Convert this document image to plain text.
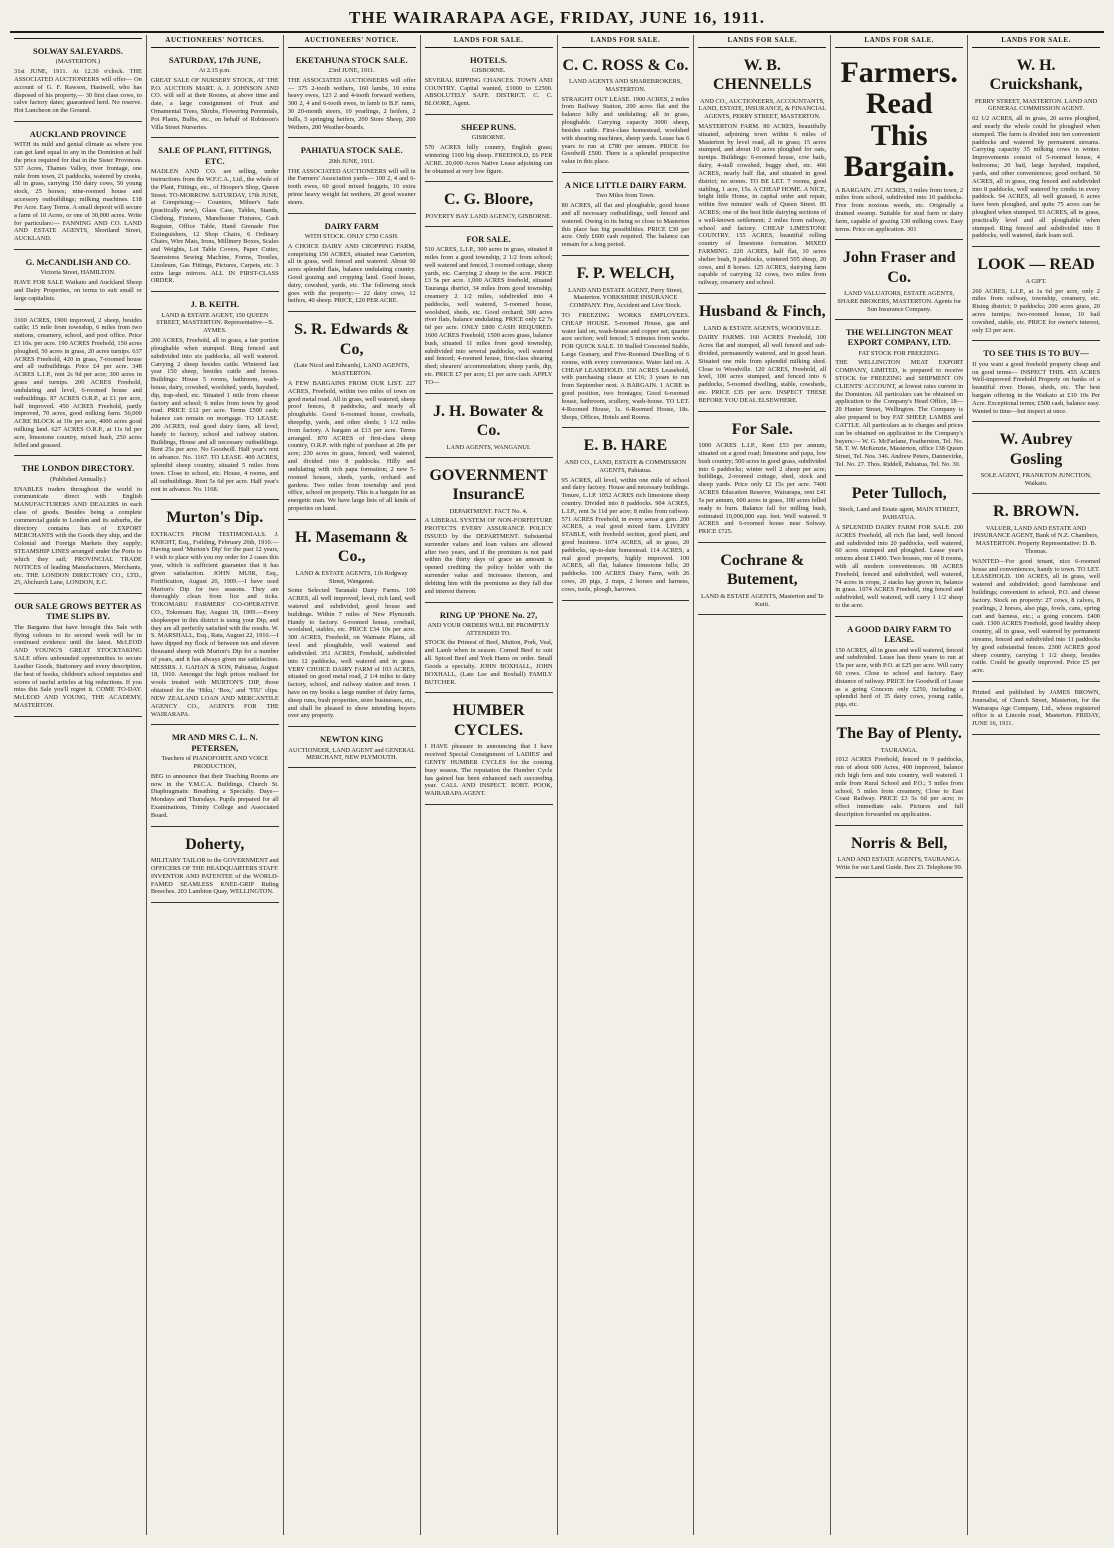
THE WAIRARAPA AGE, FRIDAY, JUNE 16, 1911.
SOLWAY SALEYARDS.
(MASTERTON.)
31st JUNE, 1911. At 12.30 o'clock. THE ASSOCIATED AUCTIONEERS will offer— On account of G. F. Rawson, Hastwell, who has disposed of his property,— 30 first class cows, to calve factory dates; guaranteed herd. No reserve. Hot Luncheon on the Ground.
AUCKLAND PROVINCE
WITH its mild and genial climate as where you can get land equal to any in the Dominion at half the price required for that in the Sister Provinces. 537 Acres, Thames Valley, river frontage, one mile from town, 21 paddocks, watered by creeks, all in grass, carrying 150 dairy cows, 50 young stock, 25 horses; nine-roomed house and accessory outbuildings; milking machines. £18 Per Acre. Easy Terms. A small deposit will secure a farm of 10 Acres, or one of 30,000 acres. Write for particulars:— FANNING AND CO. LAND AND ESTATE AGENTS, Shortland Street, AUCKLAND.
G. McCANDLISH AND CO.
Victoria Street, HAMILTON.
HAVE FOR SALE Waikato and Auckland Sheep and Dairy Properties, on terms to suit small or large capitalists.
3100 ACRES, 1900 improved, 2 sheep, besides cattle; 15 mile from township, 6 miles from two stations, creamery, school, and post office. Price £3 10s. per acre. 190 ACRES Freehold, 150 acres ploughed, 50 acres in grass, 20 acres turnips. 637 ACRES Freehold, 420 in grass, 7-roomed house and all outbuildings. Price £4 per acre. 348 ACRES L.I.P., rent 2s 9d per acre; 300 acres in grass and turnips. 200 ACRES Freehold, undulating and level, 6-roomed house and outbuildings. 87 ACRES O.R.P., at £1 per acre, half improved. 450 ACRES Freehold, partly improved, 70 acres, good milking farm. 56,000 ACRE BLOCK at 10s per acre, 4000 acres good milking land. 627 ACRES O.R.P., at 11s 6d per acre, limestone country, mixed bush, 250 acres felled and grassed.
THE LONDON DIRECTORY.
(Published Annually.)
ENABLES traders throughout the world to communicate direct with English MANUFACTURERS AND DEALERS in each class of goods. Besides being a complete commercial guide to London and its suburbs, the directory contains lists of EXPORT MERCHANTS with the Goods they ship, and the Colonial and Foreign Markets they supply; STEAMSHIP LINES arranged under the Ports to which they sail; PROVINCIAL TRADE NOTICES of leading Manufacturers, Merchants, etc. THE LONDON DIRECTORY CO., LTD., 25, Abchurch Lane, LONDON, E.C.
OUR SALE GROWS BETTER AS TIME SLIPS BY.
The Bargains that have brought this Sale with flying colours to its second week will be in continued evidence until the latest. McLEOD AND YOUNG'S GREAT STOCKTAKING SALE offers unbounded opportunities to secure Leather Goods, Stationery and every description, the best of books, children's school requisites and scores of useful articles at big reductions. If you miss this Sale you'll regret it. COME TO-DAY. McLEOD AND YOUNG, THE ACADEMY, MASTERTON.
AUCTIONEERS' NOTICES.
SATURDAY, 17th JUNE,
At 2.15 p.m.
GREAT SALE OF NURSERY STOCK, AT THE P.O. AUCTION MART. A. J. JOHNSON AND CO. will sell at their Rooms, at above time and date, a large consignment of Fruit and Ornamental Trees, Shrubs, Flowering Perennials, Pot Plants, Bulbs, etc., on behalf of Robinson's Villa Street Nurseries.
SALE OF PLANT, FITTINGS, ETC.
MADLEN AND CO. are selling, under instructions from the W.F.C.A., Ltd., the whole of the Plant, Fittings, etc., of Hooper's Shop, Queen Street. TO-MORROW. SATURDAY, 17th JUNE, at Comprising:— Counters, Milner's Safe (practically new), Glass Case, Tables, Stands, Clothing, Fixtures, Manchester Fixtures, Cash Register, Office Table, Hand Grenade Fire Extinguishers, 12 Shop Chairs, 6 Ordinary Chairs, Wire Mats, Irons, Millinery Boxes, Scales and Weights, Lot Table Covers, Paper Cutter, Seamstress Sewing Machine, Forms, Trestles, Linoleum, Gas Fittings, Pictures, Carpets, etc. 3 extra large mirrors. ALL IN FIRST-CLASS ORDER.
J. B. KEITH.
LAND & ESTATE AGENT, 150 QUEEN STREET, MASTERTON. Representative—S. AYMES.
200 ACRES, Freehold, all in grass, a fair portion ploughable when stumped. Ring fenced and subdivided into six paddocks, all well watered. Carrying 2 sheep besides cattle. Wintered last year 150 sheep, besides cattle and horses. Buildings: House 5 rooms, bathroom, wash-house, dairy, cowshed, woolshed, yards, hayshed, dip, trap-shed, etc. Situated 1 mile from cheese factory and school; 6 miles from town by good road. PRICE £12 per acre. Terms £500 cash; balance can remain on mortgage. TO LEASE. 200 ACRES, real good dairy farm, all level, handy to factory, school and railway station. Buildings, House and all necessary outbuildings. Rent 25s per acre. No Goodwill. Half year's rent in advance. No. 1167. TO LEASE. 400 ACRES, splendid sheep country, situated 5 miles from town. Close to school, etc. House, 4 rooms, and all outbuildings. Rent 5s 6d per acre. Half year's rent in advance. No. 1168.
Murton's Dip.
EXTRACTS FROM TESTIMONIALS. J. KNIGHT, Esq., Foilding, February 26th, 1910.—Having used 'Murton's Dip' for the past 12 years, I wish to place with you my order for 2 cases this year, which is sufficient guarantee that it has given satisfaction. JOHN MUIR, Esq., Fortification, August 20, 1909.—I have used Murton's Dip for two seasons. They are thoroughly clean from lice and ticks. TOKOMARU FARMERS' CO-OPERATIVE CO., Tokomaru Bay, August 18, 1909.—Every shopkeeper in this district is using your Dip, and they are all perfectly satisfied with the results. W. S. MARSHALL, Esq., Rata, August 22, 1910.—I have dipped my flock of between ten and eleven thousand sheep with Murton's Dip for a number of years, and it has always given me satisfaction. MESSRS. J. GAHAN & SON, Pahiatua, August 18, 1910. Amongst the high prices realised for wools treated with MURTON'S DIP, those obtained for the 'Hiku,' 'Box,' and 'TIU' clips. NEW ZEALAND LOAN AND MERCANTILE AGENCY CO., AGENTS FOR THE WAIRARAPA.
MR AND MRS C. L. N. PETERSEN,
Teachers of PIANOFORTE AND VOICE PRODUCTION,
BEG to announce that their Teaching Rooms are now in the Y.M.C.A. Buildings, Church St. Diaphragmatic Breathing a Specialty. Days—Mondays and Thursdays. Pupils prepared for all Examinations, Trinity College and Associated Board.
Doherty,
MILITARY TAILOR to the GOVERNMENT and OFFICERS OF THE HEADQUARTERS STAFF. INVENTOR AND PATENTEE of the WORLD-FAMED SEAMLESS KNEE-GRIP Riding Breeches. 203 Lambton Quay, WELLINGTON.
AUCTIONEERS' NOTICE.
EKETAHUNA STOCK SALE.
23rd JUNE, 1911.
THE ASSOCIATED AUCTIONEERS will offer— 375 2-tooth wethers, 160 lambs, 10 extra heavy ewes, 123 2 and 4-tooth forward wethers, 300 2, 4 and 6-tooth ewes, in lamb to B.F. rams, 30 20-month steers, 10 yearlings, 2 heifers, 2 bulls, 5 springing heifers, 200 Store Sheep, 200 Wethers, 200 Weather-boards.
PAHIATUA STOCK SALE.
20th JUNE, 1911.
THE ASSOCIATED AUCTIONEERS will sell in the Farmers' Association yards— 100 2, 4 and 6-tooth ewes, 60 good mixed hoggets, 10 extra prime heavy weight fat wethers, 20 good weaner steers.
DAIRY FARM
WITH STOCK. ONLY £750 CASH.
A CHOICE DAIRY AND CROPPING FARM, comprising 150 ACRES, situated near Carterton, all in grass, well fenced and watered. About 60 acres splendid flats, balance undulating country. Good grazing and cropping land. Good house, dairy, cowshed, yards, etc. The following stock goes with the property:— 22 dairy cows, 12 heifers, 40 sheep. PRICE, £20 PER ACRE.
S. R. Edwards & Co,
(Late Nicol and Edwards), LAND AGENTS, MASTERTON.
A FEW BARGAINS FROM OUR LIST. 227 ACRES, Freehold, within two miles of town on good metal road. All in grass, well watered, sheep proof fences, 8 paddocks, and nearly all ploughable. Good 6-roomed house, cowbails, sheepdip, yards, and other sheds; 1 1/2 miles from factory. A bargain at £13 per acre. Terms arranged. 870 ACRES of first-class sheep country, O.R.P. with right of purchase at 28s per acre; 230 acres in grass, fenced, well watered, and divided into 8 paddocks. Hilly and undulating with rich papa formation; 2 new 5-roomed houses, sheds, yards, orchard and gardens. Two miles from township and post office, school on property. This is a bargain for an energetic man. We have large lists of all kinds of properties on hand.
H. Masemann & Co.,
LAND & ESTATE AGENTS, 11b Ridgway Street, Wanganui.
Some Selected Taranaki Dairy Farms. 100 ACRES, all well improved, level, rich land, well watered and subdivided, good house and buildings. Within 7 miles of New Plymouth. Handy to factory. 6-roomed house, cowbail, woolshed, stables, etc. PRICE £34 10s per acre. 300 ACRES, Freehold, on Waimate Plains, all level and ploughable, well watered and subdivided. 351 ACRES, Freehold, subdivided into 12 paddocks, well watered and in grass. VERY CHOICE DAIRY FARM of 103 ACRES, situated on good metal road, 2 1/4 miles to dairy factory, school, and railway station and town. I have on my books a large number of dairy farms, sheep runs, bush properties, store businesses, etc., and shall be pleased to show intending buyers over any property.
NEWTON KING
AUCTIONEER, LAND AGENT and GENERAL MERCHANT, NEW PLYMOUTH.
LANDS FOR SALE.
HOTELS.
GISBORNE.
SEVERAL RIPPING CHANCES. TOWN AND COUNTRY. Capital wanted, £1000 to £2500. ABSOLUTELY SAFE DISTRICT. C. C. BLOORE, Agent.
SHEEP RUNS.
GISBORNE.
570 ACRES hilly country, English grass; wintering 1100 big sheep. FREEHOLD, £6 PER ACRE. 20,000 Acres Native Lease adjoining can be obtained at very low figure.
C. G. Bloore,
POVERTY BAY LAND AGENCY, GISBORNE.
FOR SALE.
510 ACRES, L.I.P., 300 acres in grass, situated 8 miles from a good township, 2 1/2 from school; well watered and fenced, 3 roomed cottage, sheep yards, etc. Carrying 2 sheep to the acre. PRICE £3 5s per acre. 1,000 ACRES freehold, situated Tauranga district, 34 miles from good township, creamery 2 1/2 miles, subdivided into 4 paddocks, well watered, 5-roomed house, woolshed, sheds, etc. Good orchard; 300 acres river flats, balance undulating. PRICE only £2 7s 6d per acre. ONLY £800 CASH REQUIRED. 1600 ACRES Freehold, 1500 acres grass, balance bush, situated 11 miles from good township, subdivided into several paddocks, well watered and fenced; 4-roomed house, first-class shearing shed; shearers' accommodation; sheep yards, dip, etc. PRICE £7 per acre; £1 per acre cash. APPLY TO—
J. H. Bowater & Co.
LAND AGENTS, WANGANUI.
GOVERNMENT InsurancE
DEPARTMENT. FACT No. 4.
A LIBERAL SYSTEM OF NON-FORFEITURE PROTECTS EVERY ASSURANCE POLICY ISSUED by the DEPARTMENT. Substantial surrender values and loan values are allowed after two years, and if the premium is not paid within the thirty days of grace an amount is opened crediting the policy holder with the surrender value and increases thereon, and debiting him with the premiums as they fall due and interest thereon.
RING UP 'PHONE No. 27,
AND YOUR ORDERS WILL BE PROMPTLY ATTENDED TO.
STOCK the Primest of Beef, Mutton, Pork, Veal, and Lamb when in season. Corned Beef to suit all. Spiced Beef and York Hams on order. Small Goods a specialty. JOHN BOXHALL, JOHN BOXHALL, (Late Lee and Boxhall) FAMILY BUTCHER.
HUMBER CYCLES.
I HAVE pleasure in announcing that I have received Special Consignment of LADIES' and GENTS' HUMBER CYCLES for the coming busy season. The reputation the Humber Cycle has gained has been enhanced each succeeding year. CALL AND INSPECT. ROBT. POOK, WAIRARAPA AGENT.
LANDS FOR SALE.
C. C. ROSS & Co.
LAND AGENTS AND SHAREBROKERS, MASTERTON.
STRAIGHT OUT LEASE. 1900 ACRES, 2 miles from Railway Station, 200 acres flat and the balance hilly and undulating; all in grass, ploughable. Carrying capacity 3000 sheep, besides cattle. First-class homestead, woolshed with shearing machines, sheep yards. Lease has 6 years to run at £780 per annum. PRICE for Goodwill £500. There is a splendid prospective value in this place.
A NICE LITTLE DAIRY FARM.
Two Miles from Town.
80 ACRES, all flat and ploughable, good house and all necessary outbuildings, well fenced and watered. Owing to its being so close to Masterton this place has big possibilities. PRICE £30 per acre. Only £600 cash required. The balance can remain for a long period.
F. P. WELCH,
LAND AND ESTATE AGENT, Perry Street, Masterton. YORKSHIRE INSURANCE COMPANY. Fire, Accident and Live Stock.
TO FREEZING WORKS EMPLOYEES. CHEAP HOUSE. 5-roomed House, gas and water laid on, wash-house and copper set; quarter acre section; well fenced; 5 minutes from works. FOR QUICK SALE. 10 Stalled Concreted Stable, Large Granary, and Five-Roomed Dwelling of 6 rooms, with every convenience. Water laid on. A CHEAP LEASEHOLD. 150 ACRES Leasehold, with purchasing clause at £16; 3 years to run from September next. A BARGAIN. 1 ACRE in good position, two frontages; Good 6-roomed house, bathroom, scullery, wash-house. TO LET. 4-Roomed House, 1s. 6-Roomed House, 18s. Shops, Offices, Hotels and Rooms.
E. B. HARE
AND CO., LAND, ESTATE & COMMISSION AGENTS, Pahiatua.
95 ACRES, all level, within one mile of school and dairy factory. House and necessary buildings. Tenure, L.I.P. 1052 ACRES rich limestone sheep country. Divided into 8 paddocks. 904 ACRES, L.I.P., rent 3s 11d per acre; 8 miles from railway. 571 ACRES Freehold, in every sense a gem. 200 ACRES, a real good mixed farm. LIVERY STABLE, with freehold section, good plant, and good business. 1074 ACRES, all in grass, 20 paddocks, up-to-date homestead. 114 ACRES, a real good property, highly improved. 100 ACRES, all flat, balance limestone hills; 20 paddocks. 100 ACRES Dairy Farm, with 26 cows, 20 pigs, 2 traps, 2 horses and harness, cows, tools, plough, harrows.
LANDS FOR SALE.
W. B. CHENNELLS
AND CO., AUCTIONEERS, ACCOUNTANTS, LAND, ESTATE, INSURANCE, & FINANCIAL AGENTS, PERRY STREET, MASTERTON.
MASTERTON FARM. 80 ACRES, beautifully situated, adjoining town within 6 miles of Masterton by level road, all in grass; 15 acres stumped, and about 10 acres ploughed for oats, turnips. Buildings: 6-roomed house, cow bails, dairy, 4-stall cowshed, buggy shed, etc. 466 ACRES, nearly half flat, and situated in good district; no stones. TO BE LET. 7 rooms, good stabling, 1 acre, 15s. A CHEAP HOME. A NICE, bright little Home, in capital order and repair, within five minutes' walk of Queen Street. 85 ACRES; one of the best little dairying sections of a well-known settlement; 2 miles from railway, school and factory. CHEAP LIMESTONE COUNTRY. 155 ACRES, beautiful rolling country of limestone formation. MIXED FARMING. 220 ACRES, half flat, 10 acres shelter bush, 9 paddocks, wintered 505 sheep, 20 cows, and 8 horses. 125 ACRES, dairying farm capable of carrying 32 cows, two miles from railway, creamery and school.
Husband & Finch,
LAND & ESTATE AGENTS, WOODVILLE.
DAIRY FARMS. 160 ACRES Freehold, 100 Acres flat and stumped, all well fenced and sub-divided, permanently watered, and in good heart. Situated one mile from splendid milking shed. Close to Woodville. 120 ACRES, Freehold, all level, 100 acres stumped, and fenced into 6 paddocks, 5-roomed dwelling, stable, cowsheds, etc. PRICE £35 per acre. INSPECT THESE BEFORE YOU DEAL ELSEWHERE.
For Sale.
1000 ACRES L.I.P., Rent £53 per annum, situated on a good road; limestone and papa, low bush country; 500 acres in good grass, subdivided into 6 paddocks; winter well 2 sheep per acre; buildings, 2-roomed cottage, shed, stock and sheep yards. Price only £2 15s per acre. 7400 ACRES Education Reserve, Wairarapa, rent £41 5s per annum, 600 acres in grass, 100 acres felled ready to burn. Balance fall for milling bush, estimated 10,000,000 sup. feet. Well watered. 9 ACRES and 6-roomed house near Solway. PRICE £725.
Cochrane & Butement,
LAND & ESTATE AGENTS, Masterton and Te Kuiti.
LANDS FOR SALE.
Farmers. Read This Bargain.
A BARGAIN. 271 ACRES, 3 miles from town, 2 miles from school, subdivided into 10 paddocks. Free from noxious weeds, etc. Originally a drained swamp. Suitable for stud farm or dairy farm, capable of grazing 130 milking cows. Easy terms. Price on application. 301
John Fraser and Co.
LAND VALUATORS, ESTATE AGENTS, SHARE BROKERS, MASTERTON. Agents for Sun Insurance Company.
THE WELLINGTON MEAT EXPORT COMPANY, LTD.
FAT STOCK FOR FREEZING.
THE WELLINGTON MEAT EXPORT COMPANY, LIMITED, is prepared to receive STOCK for FREEZING and SHIPMENT ON CLIENTS' ACCOUNT, at lowest rates current in the Dominion. All particulars can be obtained on application to the Company's Head Office, 18—20 Hunter Street, Wellington. The Company is also prepared to buy FAT SHEEP, LAMBS and CATTLE. All particulars as to charges and prices can be obtained on application to the Company's buyers:— W. G. McFarlane, Featherston, Tel. No. 58. T. W. McKenzie, Masterton, office 138 Queen Street, Tel. Nos. 346. Andrew Peters, Dannevirke, Tel. No. 27. Thos. Riddell, Pahiatua, Tel. No. 30.
Peter Tulloch,
Stock, Land and Estate agent, MAIN STREET, PAHIATUA.
A SPLENDID DAIRY FARM FOR SALE. 200 ACRES Freehold, all rich flat land, well fenced and subdivided into 20 paddocks, well watered, 60 acres stumped and ploughed. Lease year's returns about £1400. Two houses, one of 8 rooms, with all modern conveniences. 98 ACRES Freehold, fenced and subdivided, well watered, 74 acres in crops, 2 stacks hay grown in, balance in grass. 1074 ACRES Freehold, ring fenced and subdivided, well watered, will carry 1 1/2 sheep to the acre.
A GOOD DAIRY FARM TO LEASE.
150 ACRES, all in grass and well watered, fenced and subdivided. Lease has three years to run at 15s per acre, with P.O. at £25 per acre. Will carry 60 cows. Close to school and factory. Easy distance of railway. PRICE for Goodwill of Lease as a going Concern only £250, including a splendid herd of 35 dairy cows, young cattle, pigs, etc.
The Bay of Plenty.
TAURANGA.
1012 ACRES Freehold, fenced in 9 paddocks, run of about 600 Acres, 400 improved, balance rich high fern and tutu country, well watered. 1 mile from Rural School and P.O.; 5 miles from school, 5 miles from creamery, Close to East Coast Railway. PRICE £3 5s 6d per acre; to effect immediate sale. Pictures and full description forwarded on application.
Norris & Bell,
LAND AND ESTATE AGENTS, TAURANGA. Write for our Land Guide. Box 23. Telephone 99.
LANDS FOR SALE.
W. H. Cruickshank,
PERRY STREET, MASTERTON. LAND AND GENERAL COMMISSION AGENT.
62 1/2 ACRES, all in grass, 20 acres ploughed, and nearly the whole could be ploughed when stumped. The farm is divided into ten convenient paddocks and watered by permanent streams. Carrying capacity 35 milking cows in winter. Improvements consist of 5-roomed house, 4 bedrooms; 20 bail, large hayshed, trapshed, yards, and other conveniences; good orchard. 50 ACRES, all in grass, ring fenced and subdivided into 8 paddocks, well watered by creeks in every paddock. 94 ACRES, all well grassed, 6 acres have been ploughed, and quite 75 acres can be ploughed when stumped. 93 ACRES, all in grass, practically level and all ploughable when stumped. Ring fenced and subdivided into 8 paddocks, well watered, dark loam soil.
LOOK — READ
A GIFT.
260 ACRES, L.I.P., at 1s 6d per acre, only 2 miles from railway, township, creamery, etc. Rising district; 9 paddocks; 200 acres grass, 20 acres turnips; two-roomed house, 10 bail cowshed, stable, etc. PRICE for owner's interest, only £3 per acre.
TO SEE THIS IS TO BUY—
If you want a good freehold property cheap and on good terms— INSPECT THIS. 455 ACRES Well-improved Freehold Property on banks of a beautiful river. House, sheds, etc. The best bargain offering in the Waikato at £10 10s Per Acre. Exceptional terms; £500 cash, balance easy. Wanted to time—but inspect at once.
W. Aubrey Gosling
SOLE AGENT, FRANKTON JUNCTION, Waikato.
R. BROWN.
VALUER, LAND AND ESTATE AND INSURANCE AGENT, Bank of N.Z. Chambers, MASTERTON. Property Representative: D. B. Thomas.
WANTED—For good tenant, nice 6-roomed house and conveniences, handy to town. TO LET. LEASEHOLD. 100 ACRES, all in grass, well watered and subdivided; good farmhouse and buildings; convenient to school, P.O. and cheese factory. Stock on property: 27 cows, 8 calves, 8 yearlings, 2 horses, also pigs, fowls, cans, spring cart and harness, etc.; a going concern. £400 cash. 1300 ACRES Freehold, good healthy sheep country, all in grass, well watered by permanent streams, fenced and subdivided into 11 paddocks by good substantial fences. 2300 ACRES good sheep country, carrying 1 1/2 sheep, besides cattle. Could be greatly improved. Price £5 per acre.
Printed and published by JAMES BROWN, Journalist, of Church Street, Masterton, for the Wairarapa Age Company, Ltd., whose registered office is at Lincoln road, Masterton. FRIDAY, JUNE 16, 1911.
